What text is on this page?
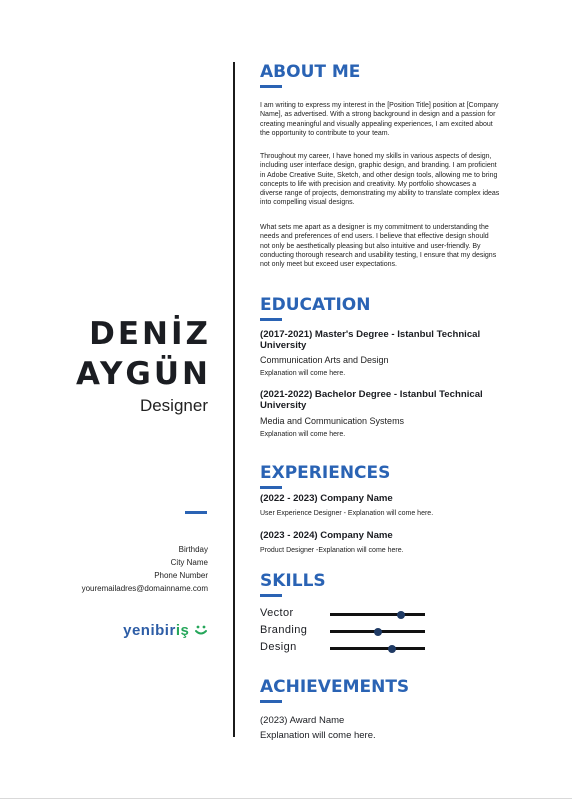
DENİZ
AYGÜN
Designer
Birthday
City Name
Phone Number
youremailadres@domainname.com
yenibiriş
ABOUT ME
I am writing to express my interest in the [Position Title] position at [Company Name], as advertised. With a strong background in design and a passion for creating meaningful and visually appealing experiences, I am excited about the opportunity to contribute to your team.
Throughout my career, I have honed my skills in various aspects of design, including user interface design, graphic design, and branding. I am proficient in Adobe Creative Suite, Sketch, and other design tools, allowing me to bring concepts to life with precision and creativity. My portfolio showcases a diverse range of projects, demonstrating my ability to translate complex ideas into compelling visual designs.
What sets me apart as a designer is my commitment to understanding the needs and preferences of end users. I believe that effective design should not only be aesthetically pleasing but also intuitive and user-friendly. By conducting thorough research and usability testing, I ensure that my designs not only meet but exceed user expectations.
EDUCATION
(2017-2021) Master's Degree - Istanbul Technical University
Communication Arts and Design
Explanation will come here.
(2021-2022) Bachelor Degree - Istanbul Technical University
Media and Communication Systems
Explanation will come here.
EXPERIENCES
(2022 - 2023) Company Name
User Experience Designer - Explanation will come here.
(2023 - 2024) Company Name
Product Designer -Explanation will come here.
SKILLS
Vector
Branding
Design
ACHIEVEMENTS
(2023) Award Name
Explanation will come here.
